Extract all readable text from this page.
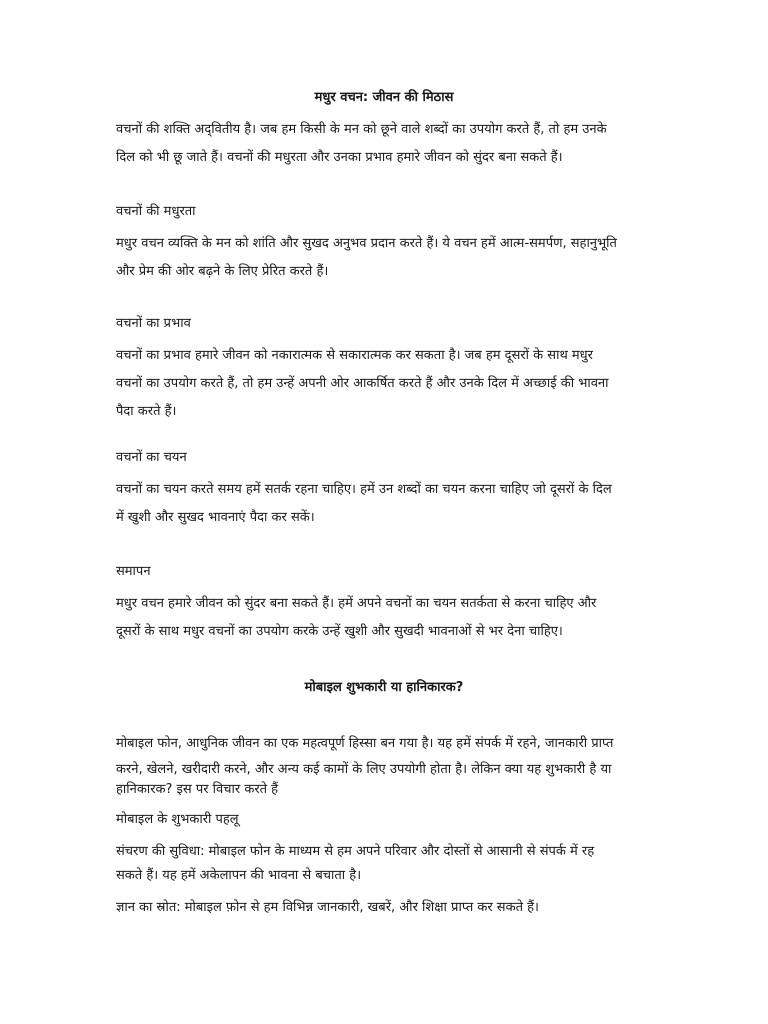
मधुर वचन: जीवन की मिठास

वचनों की शक्ति अद्‌वितीय है। जब हम किसी के मन को छूने वाले शब्दों का उपयोग करते हैं, तो हम उनके

दिल को भी छू जाते हैं। वचनों की मधुरता और उनका प्रभाव हमारे जीवन को सुंदर बना सकते हैं।

वचनों की मधुरता

मधुर वचन व्यक्ति के मन को शांति और सुखद अनुभव प्रदान करते हैं। ये वचन हमें आत्म-समर्पण, सहानुभूति

और प्रेम की ओर बढ़ने के लिए प्रेरित करते हैं।

वचनों का प्रभाव

वचनों का प्रभाव हमारे जीवन को नकारात्मक से सकारात्मक कर सकता है। जब हम दूसरों के साथ मधुर

वचनों का उपयोग करते हैं, तो हम उन्हें अपनी ओर आकर्षित करते हैं और उनके दिल में अच्छाई की भावना

पैदा करते हैं।

वचनों का चयन

वचनों का चयन करते समय हमें सतर्क रहना चाहिए। हमें उन शब्दों का चयन करना चाहिए जो दूसरों के दिल

में खुशी और सुखद भावनाएं पैदा कर सकें।

समापन

मधुर वचन हमारे जीवन को सुंदर बना सकते हैं। हमें अपने वचनों का चयन सतर्कता से करना चाहिए और

दूसरों के साथ मधुर वचनों का उपयोग करके उन्हें खुशी और सुखदी भावनाओं से भर देना चाहिए।

मोबाइल शुभकारी या हानिकारक?

मोबाइल फोन, आधुनिक जीवन का एक महत्वपूर्ण हिस्सा बन गया है। यह हमें संपर्क में रहने, जानकारी प्राप्त

करने, खेलने, खरीदारी करने, और अन्य कई कामों के लिए उपयोगी होता है। लेकिन क्या यह शुभकारी है या

हानिकारक? इस पर विचार करते हैं

मोबाइल के शुभकारी पहलू

संचरण की सुविधा: मोबाइल फोन के माध्यम से हम अपने परिवार और दोस्तों से आसानी से संपर्क में रह

सकते हैं। यह हमें अकेलापन की भावना से बचाता है।

ज्ञान का स्रोत: मोबाइल फ़ोन से हम विभिन्न जानकारी, खबरें, और शिक्षा प्राप्त कर सकते हैं।
